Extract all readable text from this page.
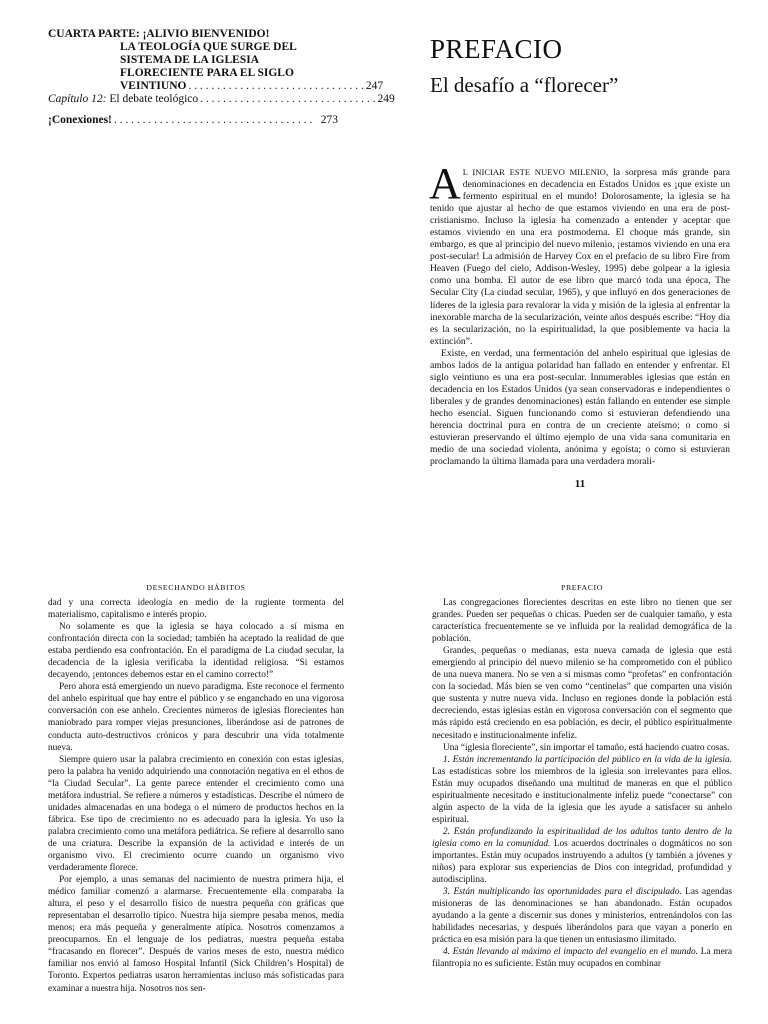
CUARTA PARTE: ¡ALIVIO BIENVENIDO!
LA TEOLOGÍA QUE SURGE DEL
SISTEMA DE LA IGLESIA
FLORECIENTE PARA EL SIGLO
VEINTIUNO . . . . . . . . . . . . . . . . . . . . . . . . . . . . . . . 247
Capítulo 12: El debate teológico . . . . . . . . . . . . . . . . . . . . . . . . . . . . . . . 249
¡Conexiones! . . . . . . . . . . . . . . . . . . . . . . . . . . . . . . . . . . . 273
PREFACIO
El desafío a “florecer”

A L INICIAR ESTE NUEVO MILENIO, la sorpresa más grande para denominaciones en decadencia en Estados Unidos es ¡que existe un fermento espiritual en el mundo! Dolorosamente, la iglesia se ha tenido que ajustar al hecho de que estamos viviendo en una era de post-cristianismo. Incluso la iglesia ha comenzado a entender y aceptar que estamos viviendo en una era postmoderna. El choque más grande, sin embargo, es que al principio del nuevo milenio, ¡estamos viviendo en una era post-secular! La admisión de Harvey Cox en el prefacio de su libro Fire from Heaven (Fuego del cielo, Addison-Wesley, 1995) debe golpear a la iglesia como una bomba. El autor de ese libro que marcó toda una época, The Secular City (La ciudad secular, 1965), y que influyó en dos generaciones de líderes de la iglesia para revalorar la vida y misión de la iglesia al enfrentar la inexorable marcha de la secularización, veinte años después escribe: “Hoy día es la secularización, no la espiritualidad, la que posiblemente va hacia la extinción”.

Existe, en verdad, una fermentación del anhelo espiritual que iglesias de ambos lados de la antigua polaridad han fallado en entender y enfrentar. El siglo veintiuno es una era post-secular. Innumerables iglesias que están en decadencia en los Estados Unidos (ya sean conservadoras e independientes o liberales y de grandes denominaciones) están fallando en entender ese simple hecho esencial. Siguen funcionando como si estuvieran defendiendo una herencia doctrinal pura en contra de un creciente ateísmo; o como si estuvieran preservando el último ejemplo de una vida sana comunitaria en medio de una sociedad violenta, anónima y egoísta; o como si estuvieran proclamando la última llamada para una verdadera morali-

11
DESECHANDO HÁBITOS

dad y una correcta ideología en medio de la rugiente tormenta del materialismo, capitalismo e interés propio.

No solamente es que la iglesia se haya colocado a sí misma en confrontación directa con la sociedad; también ha aceptado la realidad de que estaba perdiendo esa confrontación. En el paradigma de La ciudad secular, la decadencia de la iglesia verificaba la identidad religiosa. “Si estamos decayendo, ¡entonces debemos estar en el camino correcto!”

Pero ahora está emergiendo un nuevo paradigma. Este reconoce el fermento del anhelo espiritual que hay entre el público y se enganchado en una vigorosa conversación con ese anhelo. Crecientes números de iglesias florecientes han maniobrado para romper viejas presunciones, liberándose así de patrones de conducta auto-destructivos crónicos y para descubrir una vida totalmente nueva.

Siempre quiero usar la palabra crecimiento en conexión con estas iglesias, pero la palabra ha venido adquiriendo una connotación negativa en el ethos de “la Ciudad Secular”. La gente parece entender el crecimiento como una metáfora industrial. Se refiere a números y estadísticas. Describe el número de unidades almacenadas en una bodega o el número de productos hechos en la fábrica. Ese tipo de crecimiento no es adecuado para la iglesia. Yo uso la palabra crecimiento como una metáfora pediátrica. Se refiere al desarrollo sano de una criatura. Describe la expansión de la actividad e interés de un organismo vivo. El crecimiento ocurre cuando un organismo vivo verdaderamente florece.

Por ejemplo, a unas semanas del nacimiento de nuestra primera hija, el médico familiar comenzó a alarmarse. Frecuentemente ella comparaba la altura, el peso y el desarrollo físico de nuestra pequeña con gráficas que representaban el desarrollo típico. Nuestra hija siempre pesaba menos, medía menos; era más pequeña y generalmente atípica. Nosotros comenzamos a preocuparnos. En el lenguaje de los pediatras, nuestra pequeña estaba “fracasando en florecer”. Después de varios meses de esto, nuestra médico familiar nos envió al famoso Hospital Infantil (Sick Children’s Hospital) de Toronto. Expertos pediatras usaron herramientas incluso más sofisticadas para examinar a nuestra hija. Nosotros nos sen-

PREFACIO

Las congregaciones florecientes descritas en este libro no tienen que ser grandes. Pueden ser pequeñas o chicas. Pueden ser de cualquier tamaño, y esta característica frecuentemente se ve influida por la realidad demográfica de la población.

Grandes, pequeñas o medianas, esta nueva camada de iglesia que está emergiendo al principio del nuevo milenio se ha comprometido con el público de una nueva manera. No se ven a sí mismas como “profetas” en confrontación con la sociedad. Más bien se ven como “centinelas” que comparten una visión que sustenta y nutre nueva vida. Incluso en regiones donde la población está decreciendo, estas iglesias están en vigorosa conversación con el segmento que más rápido está creciendo en esa población, es decir, el público espiritualmente necesitado e institucionalmente infeliz.

Una “iglesia floreciente”, sin importar el tamaño, está haciendo cuatro cosas.

1. Están incrementando la participación del público en la vida de la iglesia. Las estadísticas sobre los miembros de la iglesia son irrelevantes para ellos. Están muy ocupados diseñando una multitud de maneras en que el público espiritualmente necesitado e institucionalmente infeliz puede “conectarse” con algún aspecto de la vida de la iglesia que les ayude a satisfacer su anhelo espiritual.

2. Están profundizando la espiritualidad de los adultos tanto dentro de la iglesia como en la comunidad. Los acuerdos doctrinales o dogmáticos no son importantes. Están muy ocupados instruyendo a adultos (y también a jóvenes y niños) para explorar sus experiencias de Dios con integridad, profundidad y autodisciplina.

3. Están multiplicando las oportunidades para el discipulado. Las agendas misioneras de las denominaciones se han abandonado. Están ocupados ayudando a la gente a discernir sus dones y ministerios, entrenándolos con las habilidades necesarias, y después liberándolos para que vayan a ponerlo en práctica en esa misión para la que tienen un entusiasmo ilimitado.

4. Están llevando al máximo el impacto del evangelio en el mundo. La mera filantropía no es suficiente. Están muy ocupados en combinar
